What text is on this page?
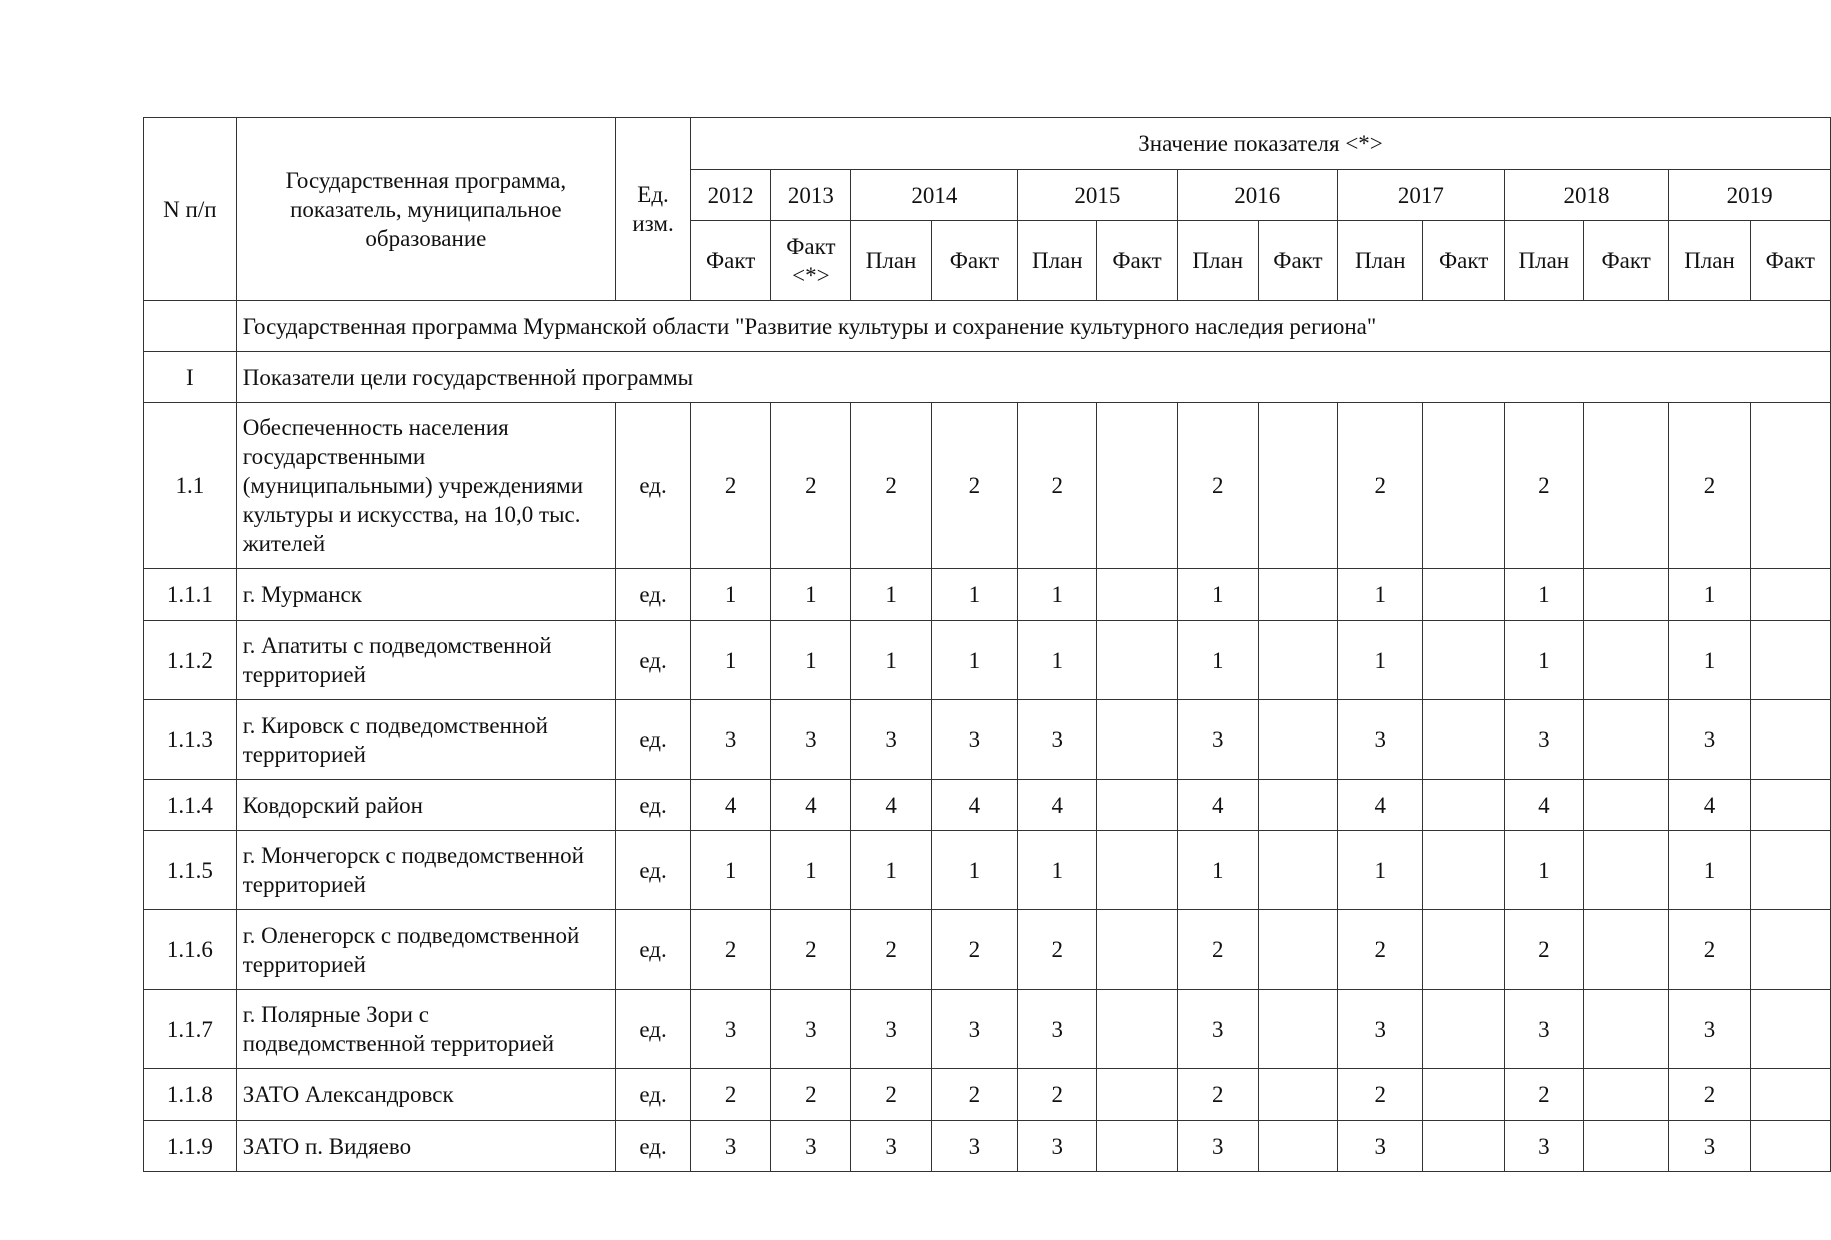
N п/п	Государственная программа, показатель, муниципальное образование	Ед. изм.	Значение показателя <*>													
			2012	2013	2014		2015		2016		2017		2018		2019	
			Факт	Факт <*>	План	Факт	План	Факт	План	Факт	План	Факт	План	Факт	План	Факт
	Государственная программа Мурманской области "Развитие культуры и сохранение культурного наследия региона"															
I	Показатели цели государственной программы															
1.1	Обеспеченность населения государственными (муниципальными) учреждениями культуры и искусства, на 10,0 тыс. жителей	ед.	2	2	2	2	2		2		2		2		2	
1.1.1	г. Мурманск	ед.	1	1	1	1	1		1		1		1		1	
1.1.2	г. Апатиты с подведомственной территорией	ед.	1	1	1	1	1		1		1		1		1	
1.1.3	г. Кировск с подведомственной территорией	ед.	3	3	3	3	3		3		3		3		3	
1.1.4	Ковдорский район	ед.	4	4	4	4	4		4		4		4		4	
1.1.5	г. Мончегорск с подведомственной территорией	ед.	1	1	1	1	1		1		1		1		1	
1.1.6	г. Оленегорск с подведомственной территорией	ед.	2	2	2	2	2		2		2		2		2	
1.1.7	г. Полярные Зори с подведомственной территорией	ед.	3	3	3	3	3		3		3		3		3	
1.1.8	ЗАТО Александровск	ед.	2	2	2	2	2		2		2		2		2	
1.1.9	ЗАТО п. Видяево	ед.	3	3	3	3	3		3		3		3		3	
